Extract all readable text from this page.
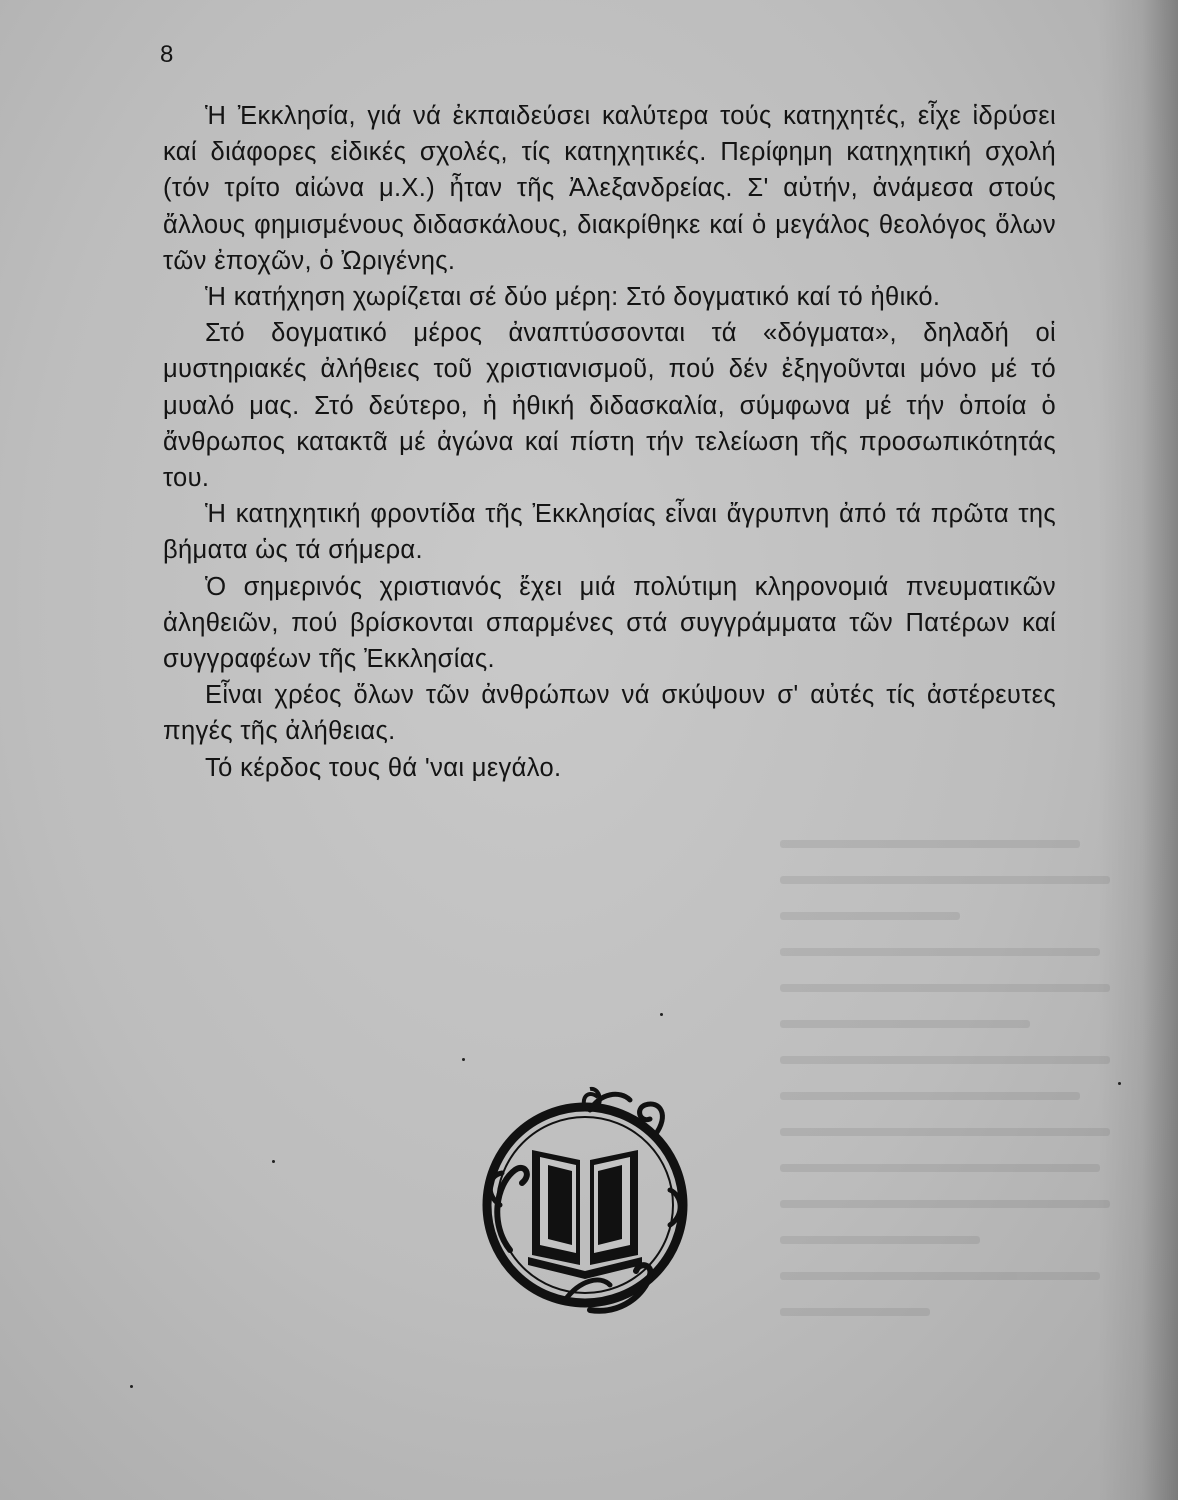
8

Ἡ Ἐκκλησία, γιά νά ἐκπαιδεύσει καλύτερα τούς κατηχητές, εἶχε ἱδρύσει καί διάφορες εἰδικές σχολές, τίς κατηχητικές. Περίφημη κατηχητική σχολή (τόν τρίτο αἰώνα μ.Χ.) ἦταν τῆς Ἀλεξανδρείας. Σ' αὐτήν, ἀνάμεσα στούς ἄλλους φημισμένους διδασκάλους, διακρίθηκε καί ὁ μεγάλος θεολόγος ὅλων τῶν ἐποχῶν, ὁ Ὠριγένης.

Ἡ κατήχηση χωρίζεται σέ δύο μέρη: Στό δογματικό καί τό ἠθικό.

Στό δογματικό μέρος ἀναπτύσσονται τά «δόγματα», δηλαδή οἱ μυστηριακές ἀλήθειες τοῦ χριστιανισμοῦ, πού δέν ἐξηγοῦνται μόνο μέ τό μυαλό μας. Στό δεύτερο, ἡ ἠθική διδασκαλία, σύμφωνα μέ τήν ὁποία ὁ ἄνθρωπος κατακτᾶ μέ ἀγώνα καί πίστη τήν τελείωση τῆς προσωπικότητάς του.

Ἡ κατηχητική φροντίδα τῆς Ἐκκλησίας εἶναι ἄγρυπνη ἀπό τά πρῶτα της βήματα ὡς τά σήμερα.

Ὁ σημερινός χριστιανός ἔχει μιά πολύτιμη κληρονομιά πνευματικῶν ἀληθειῶν, πού βρίσκονται σπαρμένες στά συγγράμματα τῶν Πατέρων καί συγγραφέων τῆς Ἐκκλησίας.

Εἶναι χρέος ὅλων τῶν ἀνθρώπων νά σκύψουν σ' αὐτές τίς ἀστέρευτες πηγές τῆς ἀλήθειας.

Τό κέρδος τους θά 'ναι μεγάλο.
